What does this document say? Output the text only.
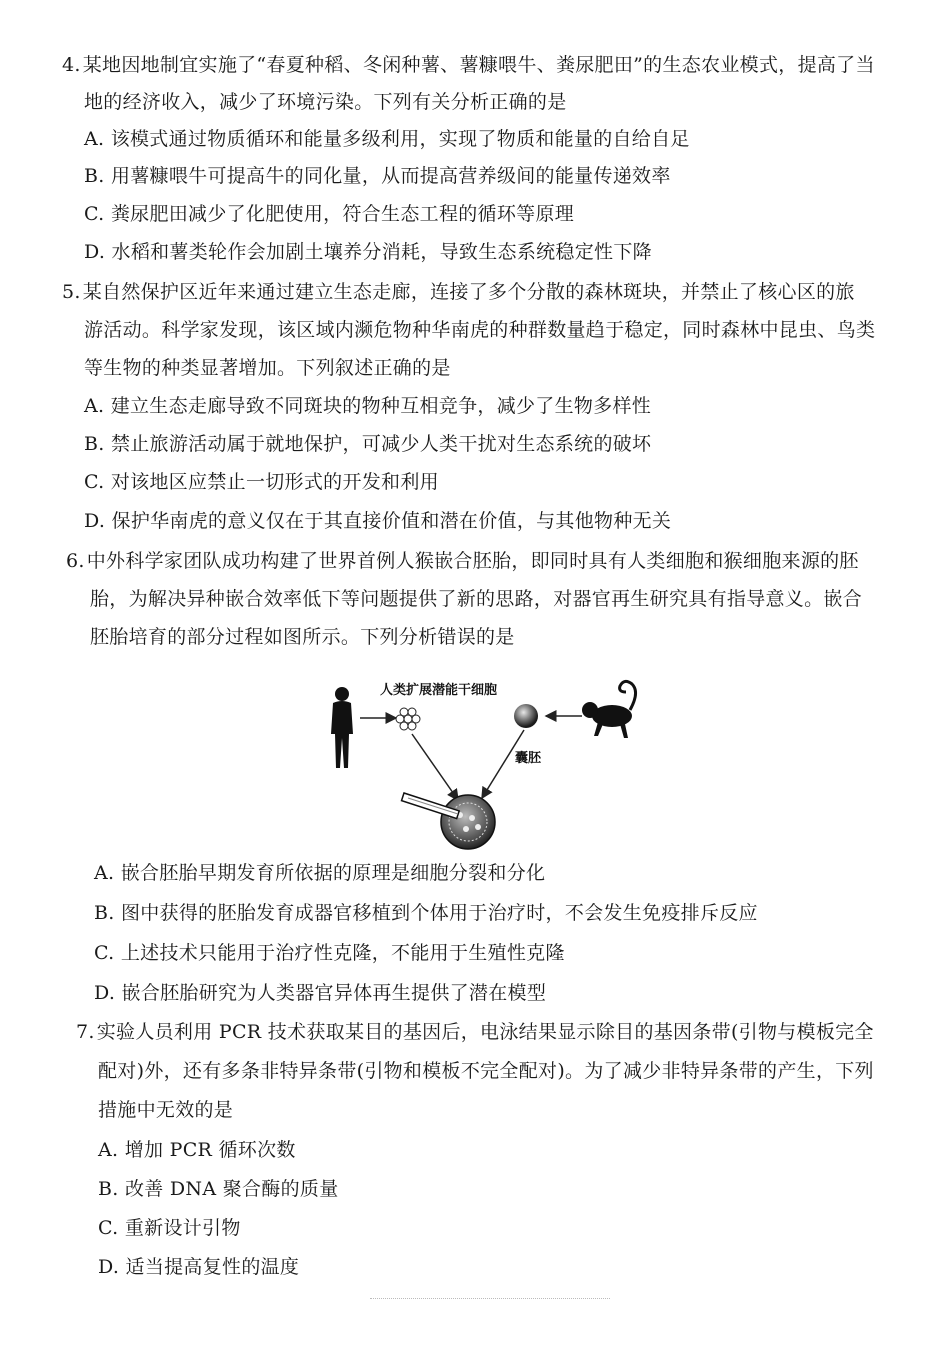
4. 某地因地制宜实施了“春夏种稻、冬闲种薯、薯糠喂牛、粪尿肥田”的生态农业模式，提高了当
地的经济收入，减少了环境污染。下列有关分析正确的是
A. 该模式通过物质循环和能量多级利用，实现了物质和能量的自给自足
B. 用薯糠喂牛可提高牛的同化量，从而提高营养级间的能量传递效率
C. 粪尿肥田减少了化肥使用，符合生态工程的循环等原理
D. 水稻和薯类轮作会加剧土壤养分消耗，导致生态系统稳定性下降
5. 某自然保护区近年来通过建立生态走廊，连接了多个分散的森林斑块，并禁止了核心区的旅
游活动。科学家发现，该区域内濒危物种华南虎的种群数量趋于稳定，同时森林中昆虫、鸟类
等生物的种类显著增加。下列叙述正确的是
A. 建立生态走廊导致不同斑块的物种互相竞争，减少了生物多样性
B. 禁止旅游活动属于就地保护，可减少人类干扰对生态系统的破坏
C. 对该地区应禁止一切形式的开发和利用
D. 保护华南虎的意义仅在于其直接价值和潜在价值，与其他物种无关
6. 中外科学家团队成功构建了世界首例人猴嵌合胚胎，即同时具有人类细胞和猴细胞来源的胚
胎，为解决异种嵌合效率低下等问题提供了新的思路，对器官再生研究具有指导意义。嵌合
胚胎培育的部分过程如图所示。下列分析错误的是
人类扩展潜能干细胞
囊胚
A. 嵌合胚胎早期发育所依据的原理是细胞分裂和分化
B. 图中获得的胚胎发育成器官移植到个体用于治疗时，不会发生免疫排斥反应
C. 上述技术只能用于治疗性克隆，不能用于生殖性克隆
D. 嵌合胚胎研究为人类器官异体再生提供了潜在模型
7. 实验人员利用 PCR 技术获取某目的基因后，电泳结果显示除目的基因条带(引物与模板完全
配对)外，还有多条非特异条带(引物和模板不完全配对)。为了减少非特异条带的产生，下列
措施中无效的是
A. 增加 PCR 循环次数
B. 改善 DNA 聚合酶的质量
C. 重新设计引物
D. 适当提高复性的温度
